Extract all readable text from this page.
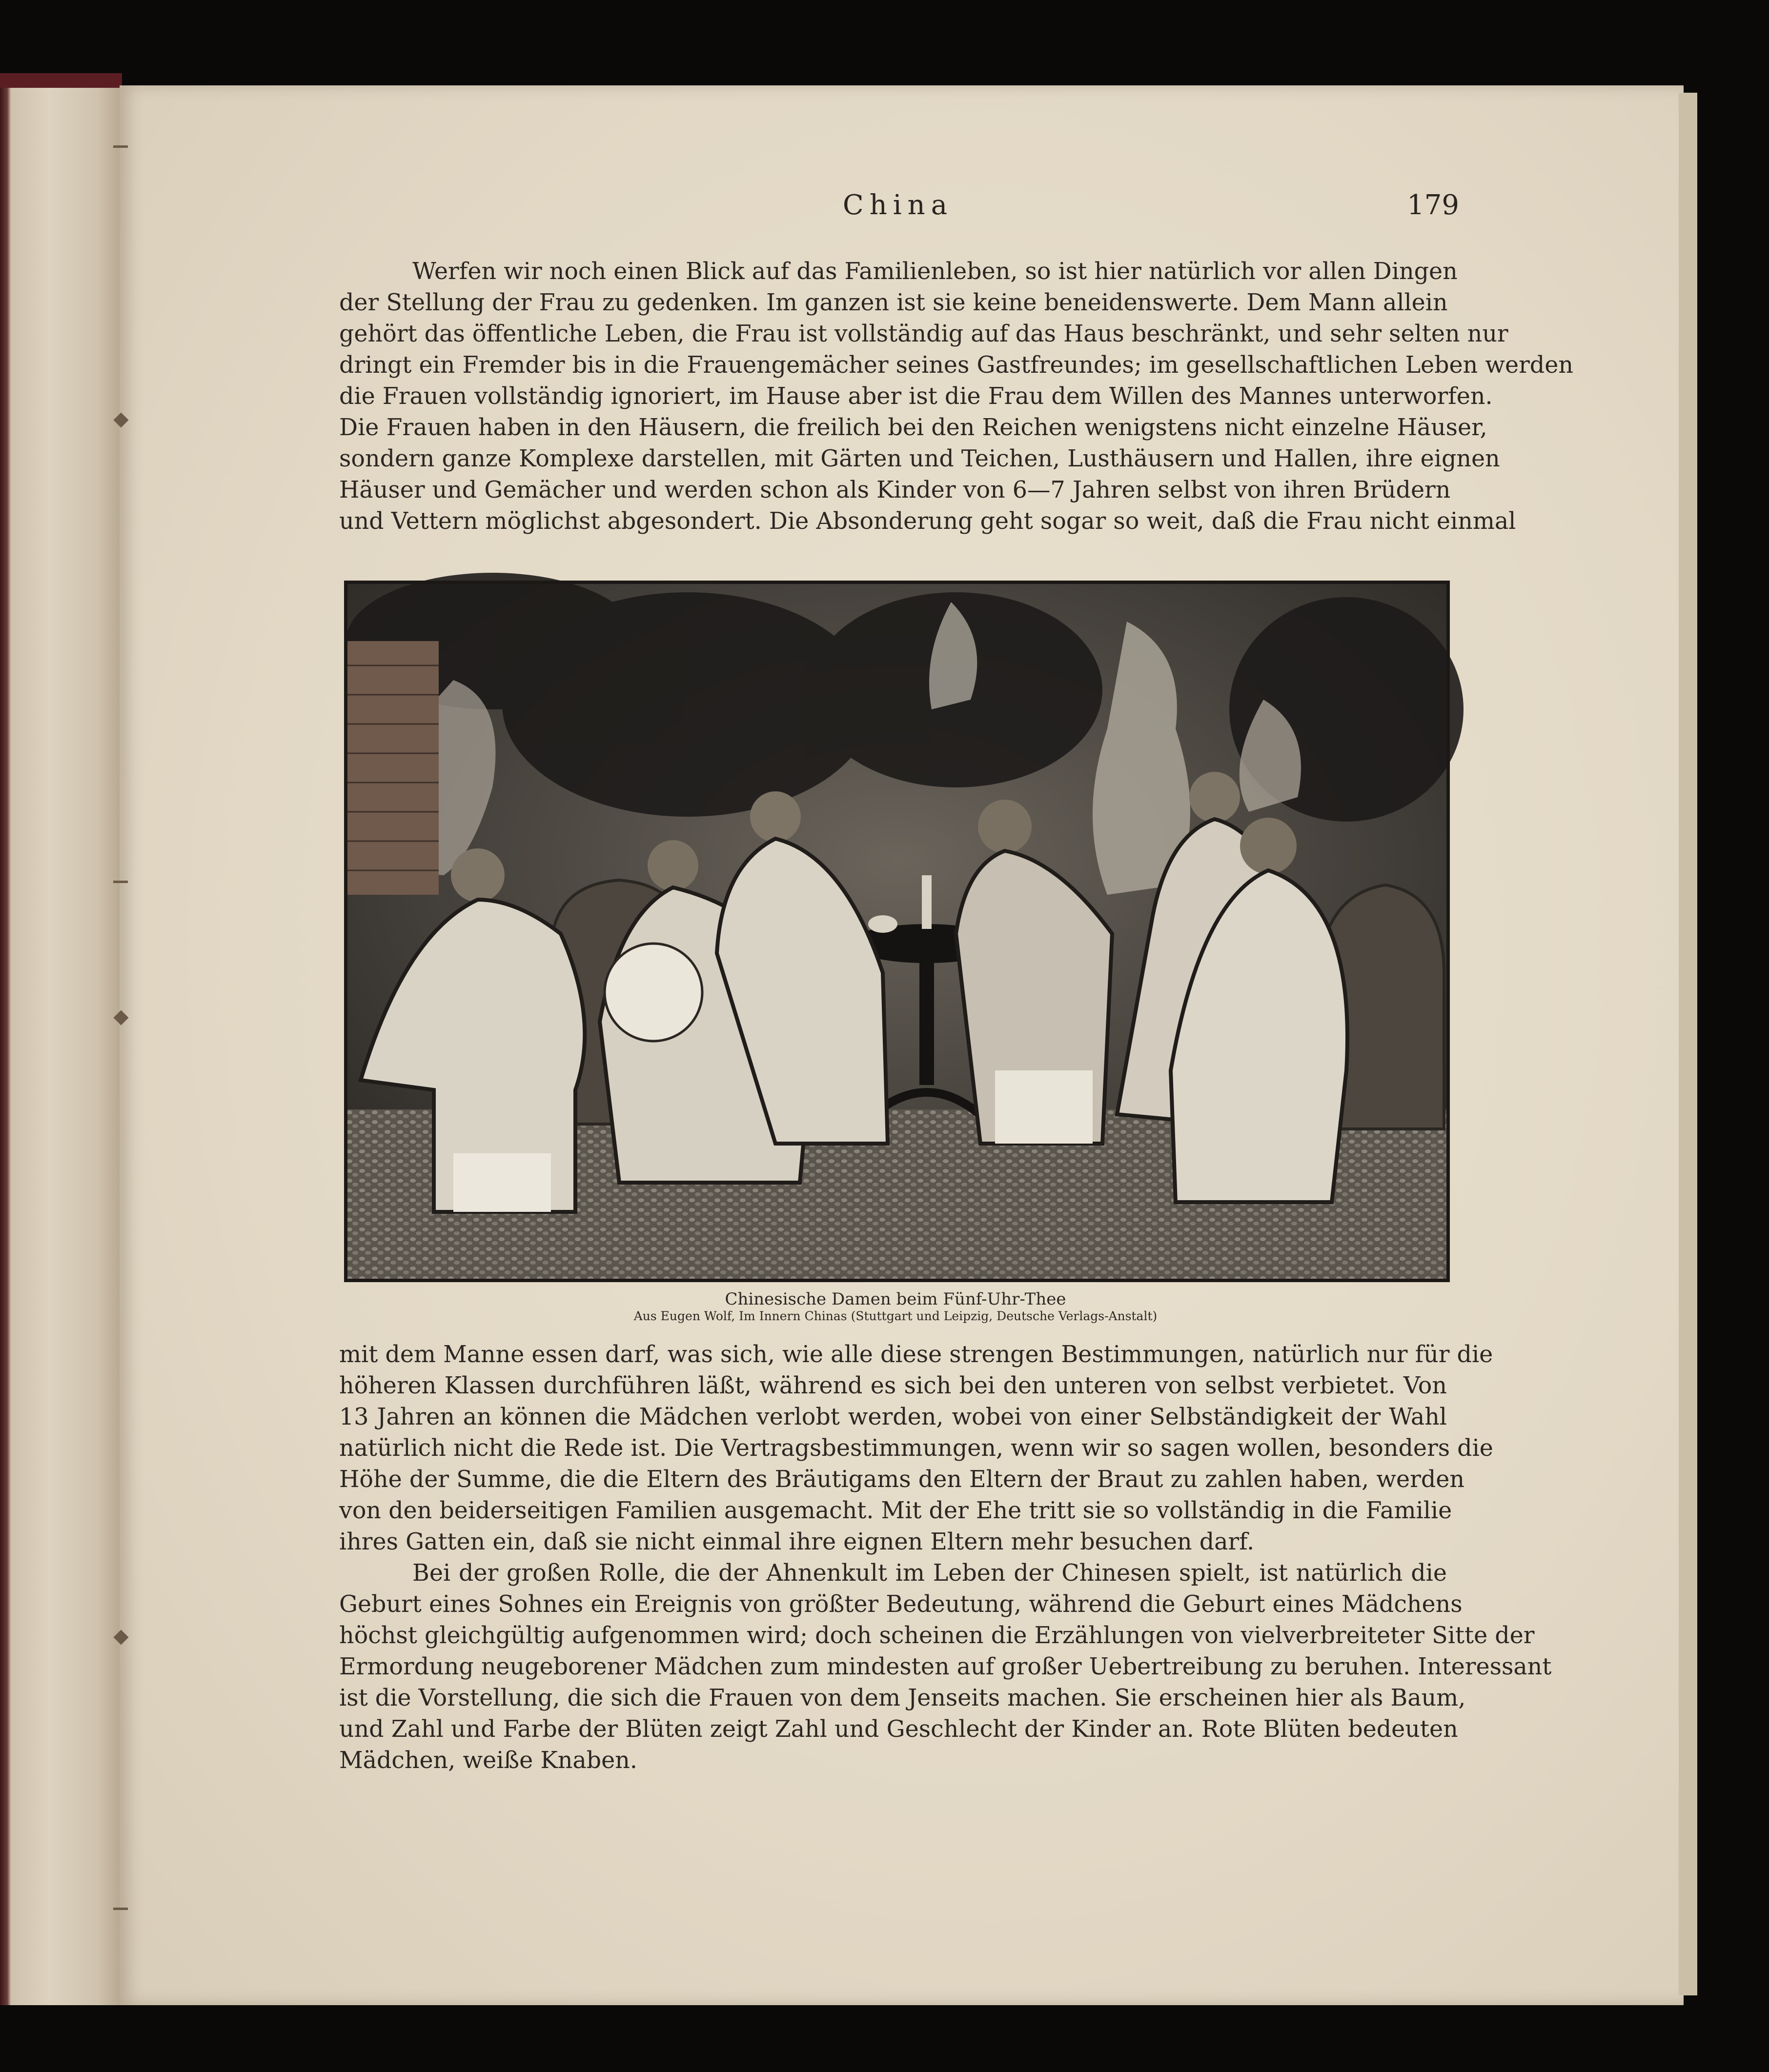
China	179
Werfen wir noch einen Blick auf das Familienleben, so ist hier natürlich vor allen Dingen
der Stellung der Frau zu gedenken. Im ganzen ist sie keine beneidenswerte. Dem Mann allein
gehört das öffentliche Leben, die Frau ist vollständig auf das Haus beschränkt, und sehr selten nur
dringt ein Fremder bis in die Frauengemächer seines Gastfreundes; im gesellschaftlichen Leben werden
die Frauen vollständig ignoriert, im Hause aber ist die Frau dem Willen des Mannes unterworfen.
Die Frauen haben in den Häusern, die freilich bei den Reichen wenigstens nicht einzelne Häuser,
sondern ganze Komplexe darstellen, mit Gärten und Teichen, Lusthäusern und Hallen, ihre eignen
Häuser und Gemächer und werden schon als Kinder von 6—7 Jahren selbst von ihren Brüdern
und Vettern möglichst abgesondert. Die Absonderung geht sogar so weit, daß die Frau nicht einmal
Chinesische Damen beim Fünf-Uhr-Thee
Aus Eugen Wolf, Im Innern Chinas (Stuttgart und Leipzig, Deutsche Verlags-Anstalt)
mit dem Manne essen darf, was sich, wie alle diese strengen Bestimmungen, natürlich nur für die
höheren Klassen durchführen läßt, während es sich bei den unteren von selbst verbietet. Von
13 Jahren an können die Mädchen verlobt werden, wobei von einer Selbständigkeit der Wahl
natürlich nicht die Rede ist. Die Vertragsbestimmungen, wenn wir so sagen wollen, besonders die
Höhe der Summe, die die Eltern des Bräutigams den Eltern der Braut zu zahlen haben, werden
von den beiderseitigen Familien ausgemacht. Mit der Ehe tritt sie so vollständig in die Familie
ihres Gatten ein, daß sie nicht einmal ihre eignen Eltern mehr besuchen darf.
Bei der großen Rolle, die der Ahnenkult im Leben der Chinesen spielt, ist natürlich die
Geburt eines Sohnes ein Ereignis von größter Bedeutung, während die Geburt eines Mädchens
höchst gleichgültig aufgenommen wird; doch scheinen die Erzählungen von vielverbreiteter Sitte der
Ermordung neugeborener Mädchen zum mindesten auf großer Uebertreibung zu beruhen. Interessant
ist die Vorstellung, die sich die Frauen von dem Jenseits machen. Sie erscheinen hier als Baum,
und Zahl und Farbe der Blüten zeigt Zahl und Geschlecht der Kinder an. Rote Blüten bedeuten
Mädchen, weiße Knaben.
